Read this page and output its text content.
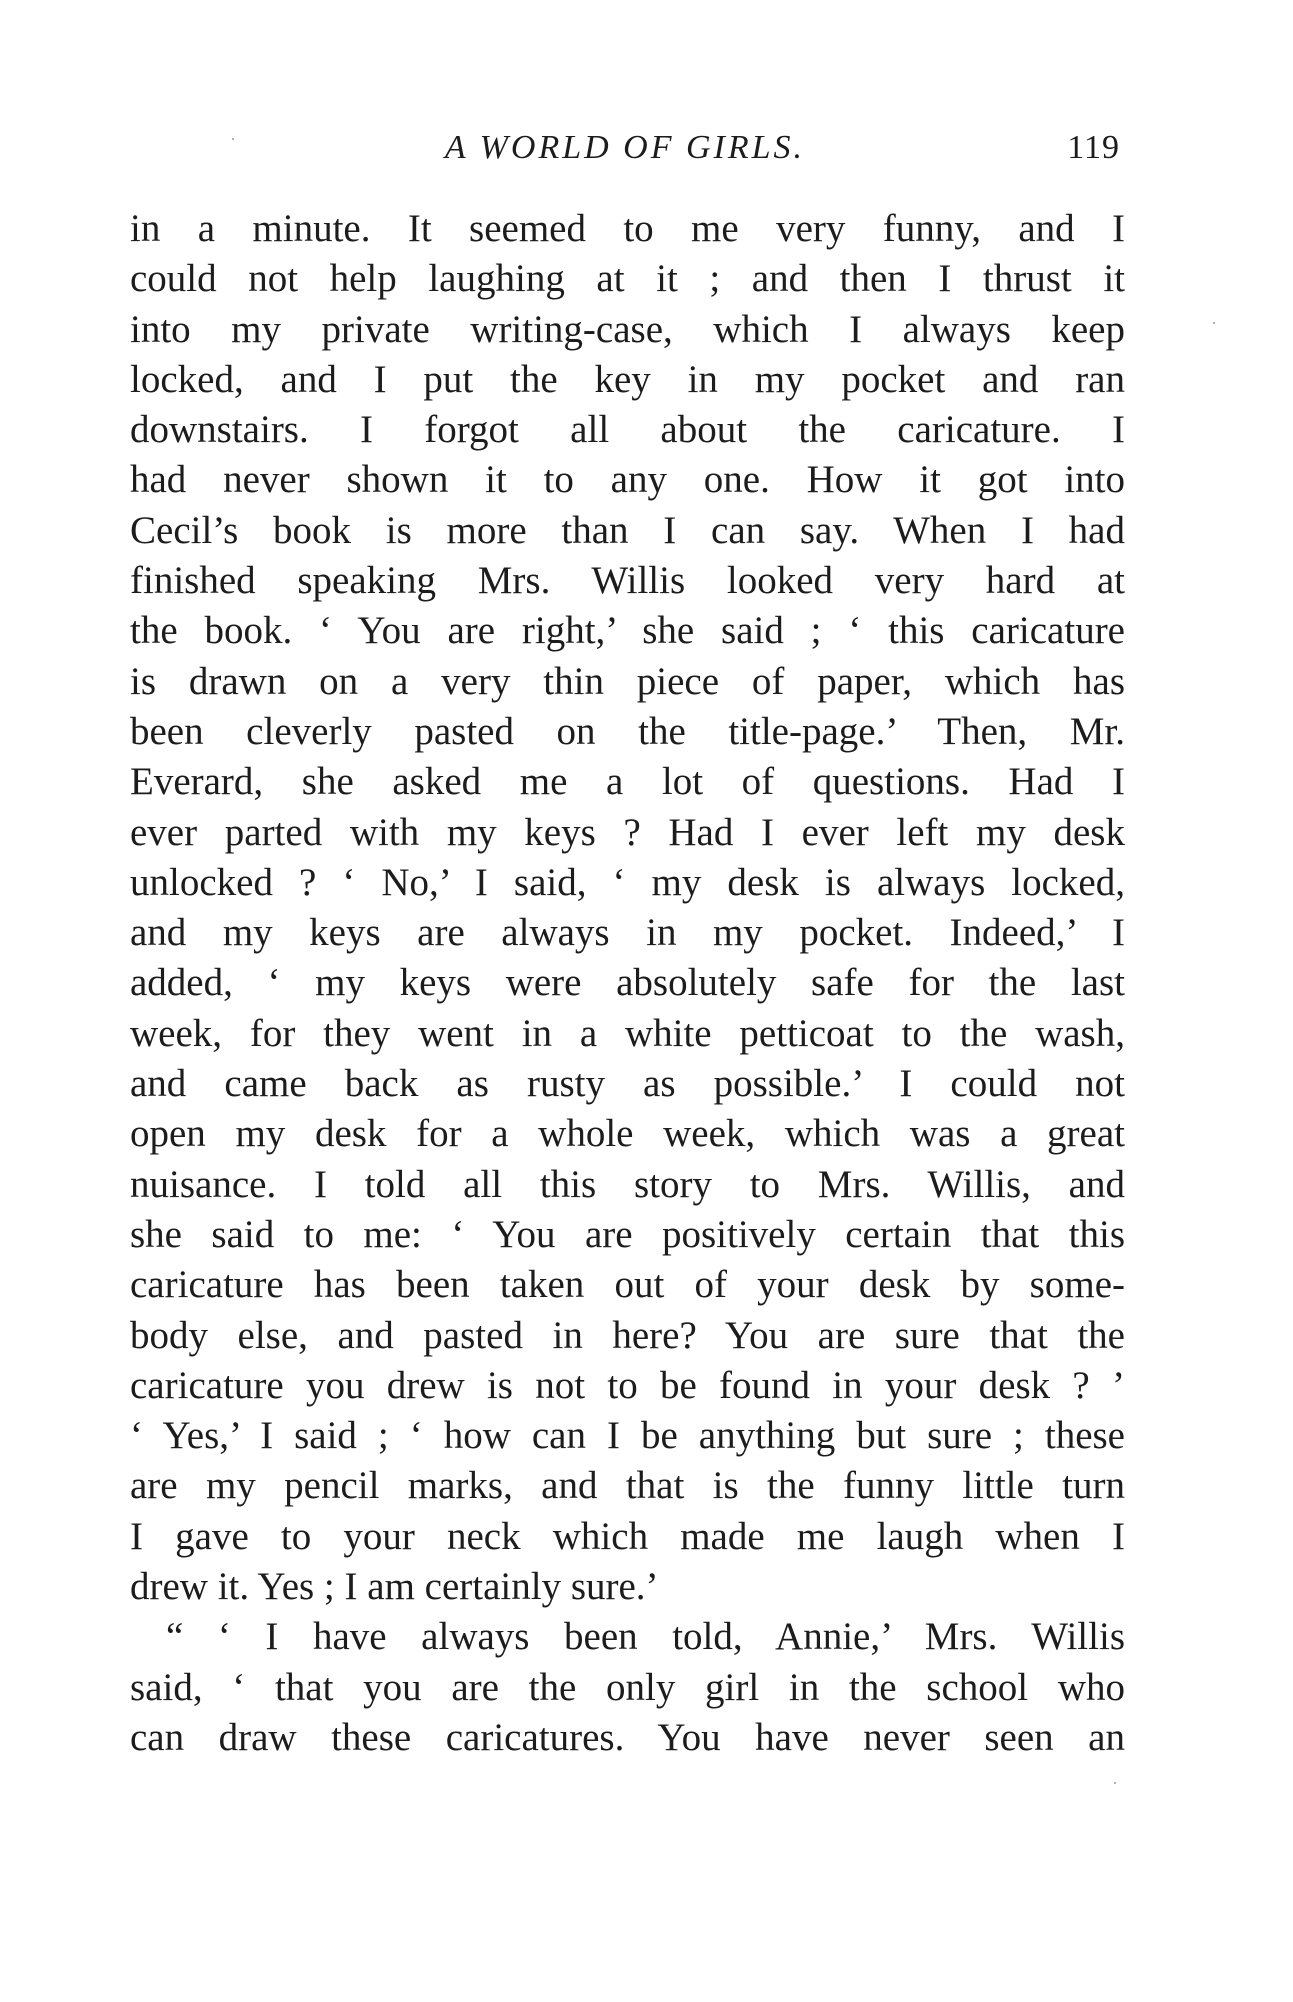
A WORLD OF GIRLS.	119
in a minute. It seemed to me very funny, and I
could not help laughing at it ; and then I thrust it
into my private writing-case, which I always keep
locked, and I put the key in my pocket and ran
downstairs. I forgot all about the caricature. I
had never shown it to any one. How it got into
Cecil’s book is more than I can say. When I had
finished speaking Mrs. Willis looked very hard at
the book. ‘ You are right,’ she said ; ‘ this caricature
is drawn on a very thin piece of paper, which has
been cleverly pasted on the title-page.’ Then, Mr.
Everard, she asked me a lot of questions. Had I
ever parted with my keys ? Had I ever left my desk
unlocked ? ‘ No,’ I said, ‘ my desk is always locked,
and my keys are always in my pocket. Indeed,’ I
added, ‘ my keys were absolutely safe for the last
week, for they went in a white petticoat to the wash,
and came back as rusty as possible.’ I could not
open my desk for a whole week, which was a great
nuisance. I told all this story to Mrs. Willis, and
she said to me: ‘ You are positively certain that this
caricature has been taken out of your desk by some-
body else, and pasted in here? You are sure that the
caricature you drew is not to be found in your desk ? ’
‘ Yes,’ I said ; ‘ how can I be anything but sure ; these
are my pencil marks, and that is the funny little turn
I gave to your neck which made me laugh when I
drew it. Yes ; I am certainly sure.’
“ ‘ I have always been told, Annie,’ Mrs. Willis
said, ‘ that you are the only girl in the school who
can draw these caricatures. You have never seen an
